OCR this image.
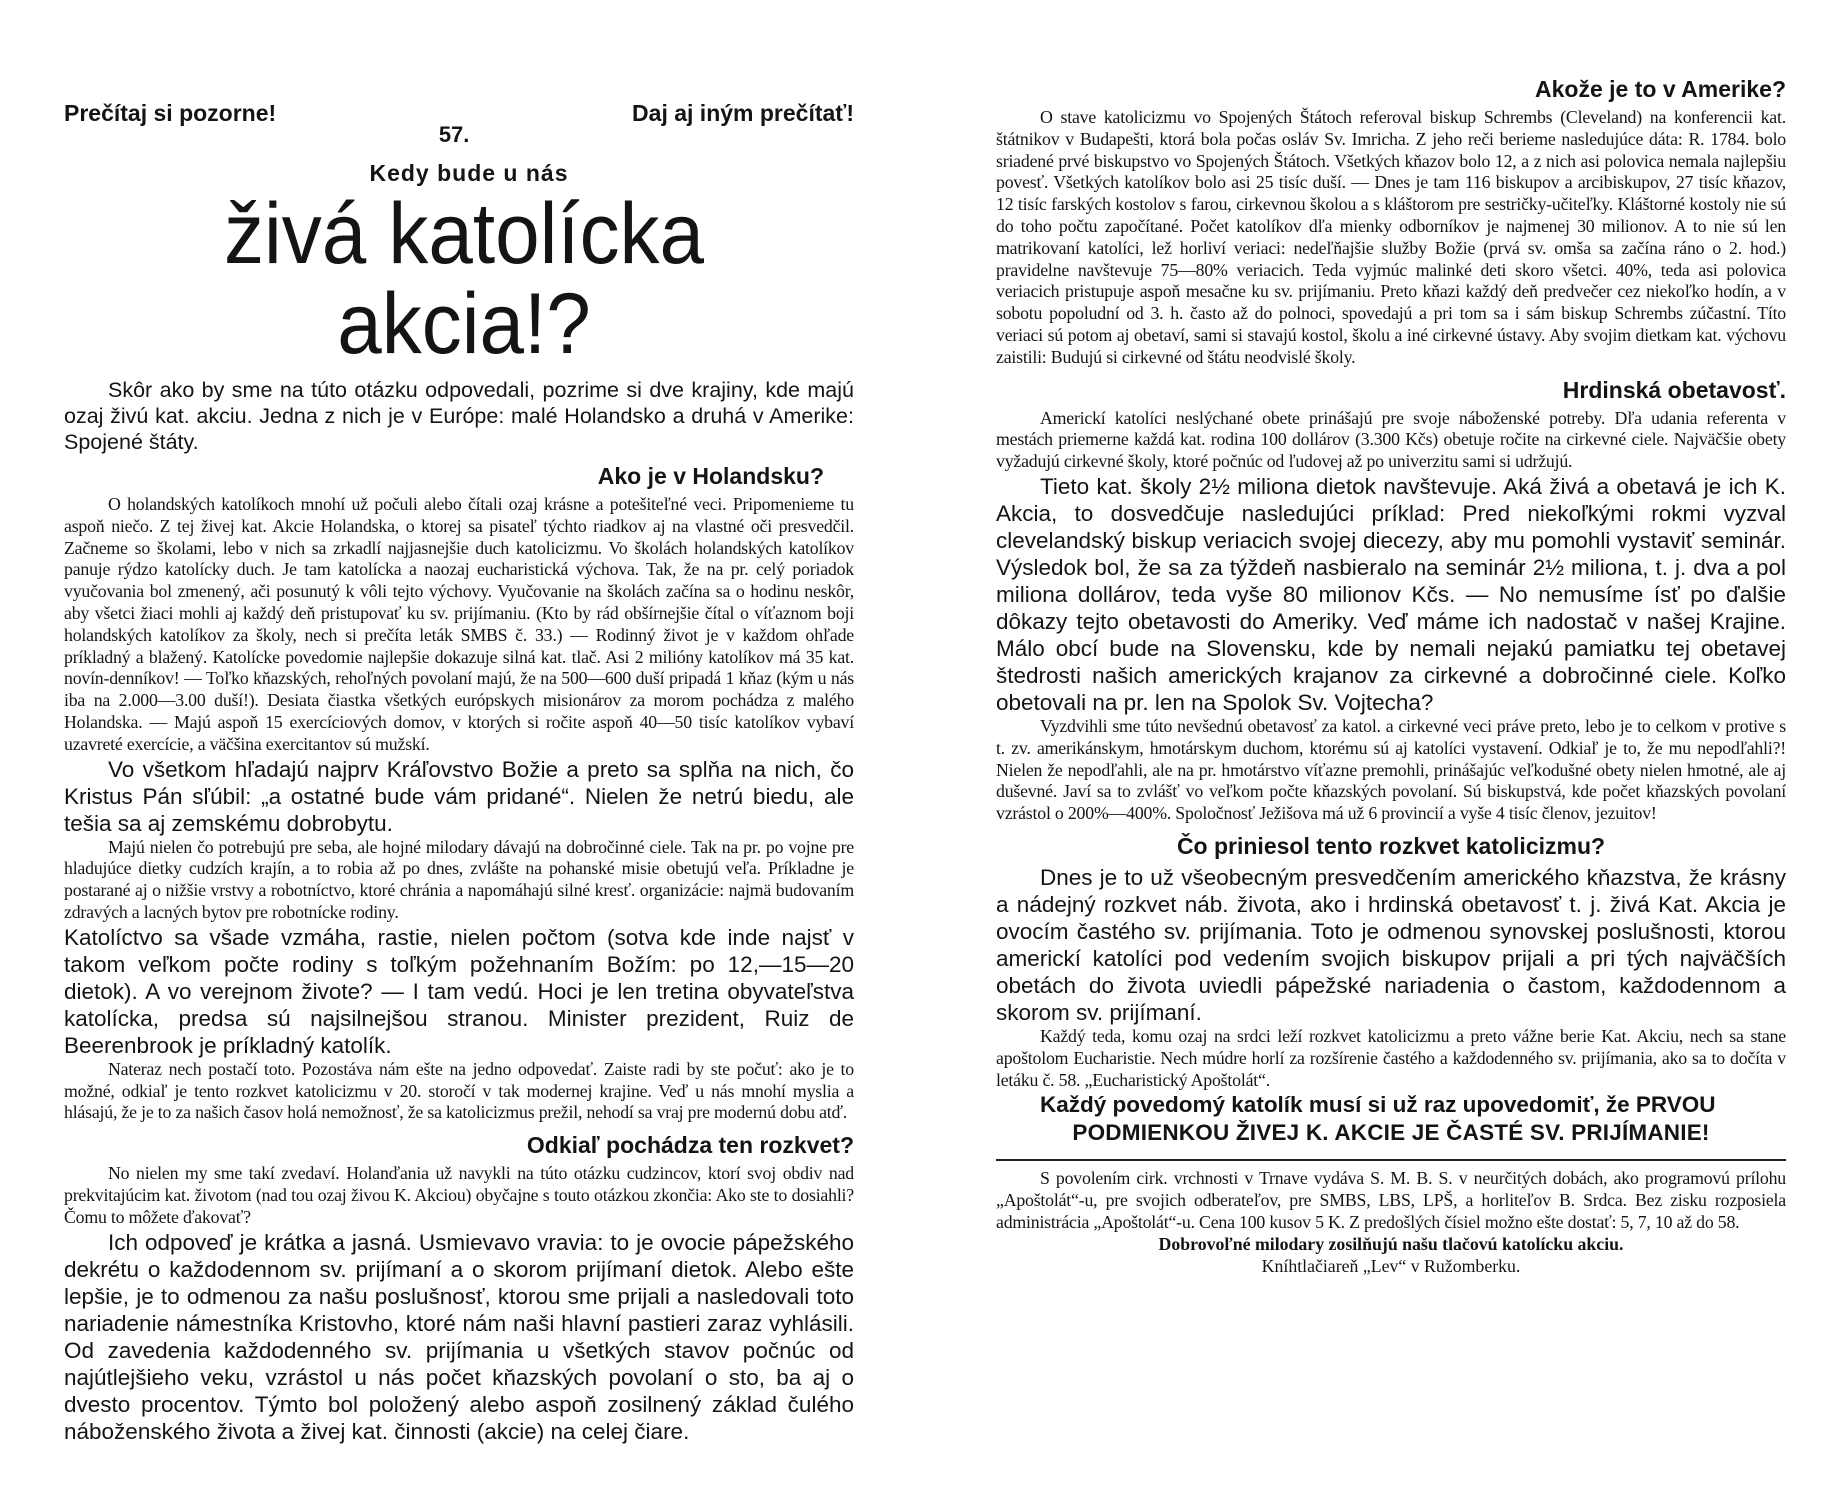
Prečítaj si pozorne!
57.
Daj aj iným prečítať!
Kedy bude u nás
živá katolícka akcia!?

Skôr ako by sme na túto otázku odpovedali, pozrime si dve krajiny, kde majú ozaj živú kat. akciu. Jedna z nich je v Európe: malé Holandsko a druhá v Amerike: Spojené štáty.

Ako je v Holandsku?

O holandských katolíkoch mnohí už počuli alebo čítali ozaj krásne a potešiteľné veci. Pripomenieme tu aspoň niečo. Z tej živej kat. Akcie Holandska, o ktorej sa pisateľ týchto riadkov aj na vlastné oči presvedčil. Začneme so školami, lebo v nich sa zrkadlí najjasnejšie duch katolicizmu. Vo školách holandských katolíkov panuje rýdzo katolícky duch. Je tam katolícka a naozaj eucharistická výchova. Tak, že na pr. celý poriadok vyučovania bol zmenený, ači posunutý k vôli tejto výchovy. Vyučovanie na školách začína sa o hodinu neskôr, aby všetci žiaci mohli aj každý deň pristupovať ku sv. prijímaniu. (Kto by rád obšírnejšie čítal o víťaznom boji holandských katolíkov za školy, nech si prečíta leták SMBS č. 33.) — Rodinný život je v každom ohľade príkladný a blažený. Katolícke povedomie najlepšie dokazuje silná kat. tlač. Asi 2 milióny katolíkov má 35 kat. novín-denníkov! — Toľko kňazských, rehoľných povolaní majú, že na 500—600 duší pripadá 1 kňaz (kým u nás iba na 2.000—3.00 duší!). Desiata čiastka všetkých európskych misionárov za morom pochádza z malého Holandska. — Majú aspoň 15 exercíciových domov, v ktorých si ročite aspoň 40—50 tisíc katolíkov vybaví uzavreté exercície, a väčšina exercitantov sú mužskí.

Vo všetkom hľadajú najprv Kráľovstvo Božie a preto sa splňa na nich, čo Kristus Pán sľúbil: „a ostatné bude vám pridané“. Nielen že netrú biedu, ale tešia sa aj zemskému dobrobytu.

Majú nielen čo potrebujú pre seba, ale hojné milodary dávajú na dobročinné ciele. Tak na pr. po vojne pre hladujúce dietky cudzích krajín, a to robia až po dnes, zvlášte na pohanské misie obetujú veľa. Príkladne je postarané aj o nižšie vrstvy a robotníctvo, ktoré chránia a napomáhajú silné kresť. organizácie: najmä budovaním zdravých a lacných bytov pre robotnícke rodiny.

Katolíctvo sa všade vzmáha, rastie, nielen počtom (sotva kde inde najsť v takom veľkom počte rodiny s toľkým požehnaním Božím: po 12,—15—20 dietok). A vo verejnom živote? — I tam vedú. Hoci je len tretina obyvateľstva katolícka, predsa sú najsilnejšou stranou. Minister prezident, Ruiz de Beerenbrook je príkladný katolík.

Nateraz nech postačí toto. Pozostáva nám ešte na jedno odpovedať. Zaiste radi by ste počuť: ako je to možné, odkiaľ je tento rozkvet katolicizmu v 20. storočí v tak modernej krajine. Veď u nás mnohí myslia a hlásajú, že je to za našich časov holá nemožnosť, že sa katolicizmus prežil, nehodí sa vraj pre modernú dobu atď.

Odkiaľ pochádza ten rozkvet?

No nielen my sme takí zvedaví. Holanďania už navykli na túto otázku cudzincov, ktorí svoj obdiv nad prekvitajúcim kat. životom (nad tou ozaj živou K. Akciou) obyčajne s touto otázkou zkončia: Ako ste to dosiahli? Čomu to môžete ďakovať?

Ich odpoveď je krátka a jasná. Usmievavo vravia: to je ovocie pápežského dekrétu o každodennom sv. prijímaní a o skorom prijímaní dietok. Alebo ešte lepšie, je to odmenou za našu poslušnosť, ktorou sme prijali a nasledovali toto nariadenie námestníka Kristovho, ktoré nám naši hlavní pastieri zaraz vyhlásili. Od zavedenia každodenného sv. prijímania u všetkých stavov počnúc od najútlejšieho veku, vzrástol u nás počet kňazských povolaní o sto, ba aj o dvesto procentov. Týmto bol položený alebo aspoň zosilnený základ čulého náboženského života a živej kat. činnosti (akcie) na celej čiare.

Akože je to v Amerike?

O stave katolicizmu vo Spojených Štátoch referoval biskup Schrembs (Cleveland) na konferencii kat. štátnikov v Budapešti, ktorá bola počas osláv Sv. Imricha. Z jeho reči berieme nasledujúce dáta: R. 1784. bolo sriadené prvé biskupstvo vo Spojených Štátoch. Všetkých kňazov bolo 12, a z nich asi polovica nemala najlepšiu povesť. Všetkých katolíkov bolo asi 25 tisíc duší. — Dnes je tam 116 biskupov a arcibiskupov, 27 tisíc kňazov, 12 tisíc farských kostolov s farou, cirkevnou školou a s kláštorom pre sestričky-učiteľky. Kláštorné kostoly nie sú do toho počtu započítané. Počet katolíkov dľa mienky odborníkov je najmenej 30 milionov. A to nie sú len matrikovaní katolíci, lež horliví veriaci: nedeľňajšie služby Božie (prvá sv. omša sa začína ráno o 2. hod.) pravidelne navštevuje 75—80% veriacich. Teda vyjmúc malinké deti skoro všetci. 40%, teda asi polovica veriacich pristupuje aspoň mesačne ku sv. prijímaniu. Preto kňazi každý deň predvečer cez niekoľko hodín, a v sobotu popoludní od 3. h. často až do polnoci, spovedajú a pri tom sa i sám biskup Schrembs zúčastní. Títo veriaci sú potom aj obetaví, sami si stavajú kostol, školu a iné cirkevné ústavy. Aby svojim dietkam kat. výchovu zaistili: Budujú si cirkevné od štátu neodvislé školy.

Hrdinská obetavosť.

Americkí katolíci neslýchané obete prinášajú pre svoje náboženské potreby. Dľa udania referenta v mestách priemerne každá kat. rodina 100 dollárov (3.300 Kčs) obetuje ročite na cirkevné ciele. Najväčšie obety vyžadujú cirkevné školy, ktoré počnúc od ľudovej až po univerzitu sami si udržujú.

Tieto kat. školy 2½ miliona dietok navštevuje. Aká živá a obetavá je ich K. Akcia, to dosvedčuje nasledujúci príklad: Pred niekoľkými rokmi vyzval clevelandský biskup veriacich svojej diecezy, aby mu pomohli vystaviť seminár. Výsledok bol, že sa za týždeň nasbieralo na seminár 2½ miliona, t. j. dva a pol miliona dollárov, teda vyše 80 milionov Kčs. — No nemusíme ísť po ďalšie dôkazy tejto obetavosti do Ameriky. Veď máme ich nadostač v našej Krajine. Málo obcí bude na Slovensku, kde by nemali nejakú pamiatku tej obetavej štedrosti našich amerických krajanov za cirkevné a dobročinné ciele. Koľko obetovali na pr. len na Spolok Sv. Vojtecha?

Vyzdvihli sme túto nevšednú obetavosť za katol. a cirkevné veci práve preto, lebo je to celkom v protive s t. zv. amerikánskym, hmotárskym duchom, ktorému sú aj katolíci vystavení. Odkiaľ je to, že mu nepodľahli?! Nielen že nepodľahli, ale na pr. hmotárstvo víťazne premohli, prinášajúc veľkodušné obety nielen hmotné, ale aj duševné. Javí sa to zvlášť vo veľkom počte kňazských povolaní. Sú biskupstvá, kde počet kňazských povolaní vzrástol o 200%—400%. Spoločnosť Ježišova má už 6 provincií a vyše 4 tisíc členov, jezuitov!

Čo priniesol tento rozkvet katolicizmu?

Dnes je to už všeobecným presvedčením amerického kňazstva, že krásny a nádejný rozkvet náb. života, ako i hrdinská obetavosť t. j. živá Kat. Akcia je ovocím častého sv. prijímania. Toto je odmenou synovskej poslušnosti, ktorou americkí katolíci pod vedením svojich biskupov prijali a pri tých najväčších obetách do života uviedli pápežské nariadenia o častom, každodennom a skorom sv. prijímaní.

Každý teda, komu ozaj na srdci leží rozkvet katolicizmu a preto vážne berie Kat. Akciu, nech sa stane apoštolom Eucharistie. Nech múdre horlí za rozšírenie častého a každodenného sv. prijímania, ako sa to dočíta v letáku č. 58. „Eucharistický Apoštolát“.

Každý povedomý katolík musí si už raz upovedomiť, že PRVOU
PODMIENKOU ŽIVEJ K. AKCIE JE ČASTÉ SV. PRIJÍMANIE!

S povolením cirk. vrchnosti v Trnave vydáva S. M. B. S. v neurčitých dobách, ako programovú prílohu „Apoštolát“-u, pre svojich odberateľov, pre SMBS, LBS, LPŠ, a horliteľov B. Srdca. Bez zisku rozposiela administrácia „Apoštolát“-u. Cena 100 kusov 5 K. Z predošlých čísiel možno ešte dostať: 5, 7, 10 až do 58.

Dobrovoľné milodary zosilňujú našu tlačovú katolícku akciu.

Kníhtlačiareň „Lev“ v Ružomberku.
